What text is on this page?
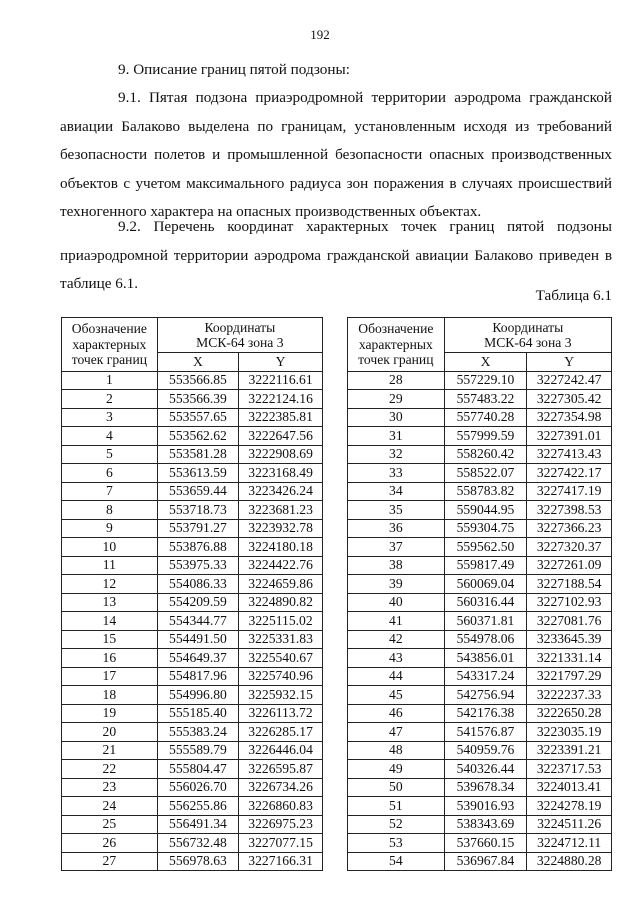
192
9. Описание границ пятой подзоны:
9.1. Пятая подзона приаэродромной территории аэродрома гражданской авиации Балаково выделена по границам, установленным исходя из требований безопасности полетов и промышленной безопасности опасных производственных объектов с учетом максимального радиуса зон поражения в случаях происшествий техногенного характера на опасных производственных объектах.
9.2. Перечень координат характерных точек границ пятой подзоны приаэродромной территории аэродрома гражданской авиации Балаково приведен в таблице 6.1.
Таблица 6.1
Обозначение
характерных
точек границ	Координаты
МСК-64 зона 3	
	X	Y
1	553566.85	3222116.61
2	553566.39	3222124.16
3	553557.65	3222385.81
4	553562.62	3222647.56
5	553581.28	3222908.69
6	553613.59	3223168.49
7	553659.44	3223426.24
8	553718.73	3223681.23
9	553791.27	3223932.78
10	553876.88	3224180.18
11	553975.33	3224422.76
12	554086.33	3224659.86
13	554209.59	3224890.82
14	554344.77	3225115.02
15	554491.50	3225331.83
16	554649.37	3225540.67
17	554817.96	3225740.96
18	554996.80	3225932.15
19	555185.40	3226113.72
20	555383.24	3226285.17
21	555589.79	3226446.04
22	555804.47	3226595.87
23	556026.70	3226734.26
24	556255.86	3226860.83
25	556491.34	3226975.23
26	556732.48	3227077.15
27	556978.63	3227166.31
Обозначение
характерных
точек границ	Координаты
МСК-64 зона 3	
	X	Y
28	557229.10	3227242.47
29	557483.22	3227305.42
30	557740.28	3227354.98
31	557999.59	3227391.01
32	558260.42	3227413.43
33	558522.07	3227422.17
34	558783.82	3227417.19
35	559044.95	3227398.53
36	559304.75	3227366.23
37	559562.50	3227320.37
38	559817.49	3227261.09
39	560069.04	3227188.54
40	560316.44	3227102.93
41	560371.81	3227081.76
42	554978.06	3233645.39
43	543856.01	3221331.14
44	543317.24	3221797.29
45	542756.94	3222237.33
46	542176.38	3222650.28
47	541576.87	3223035.19
48	540959.76	3223391.21
49	540326.44	3223717.53
50	539678.34	3224013.41
51	539016.93	3224278.19
52	538343.69	3224511.26
53	537660.15	3224712.11
54	536967.84	3224880.28
